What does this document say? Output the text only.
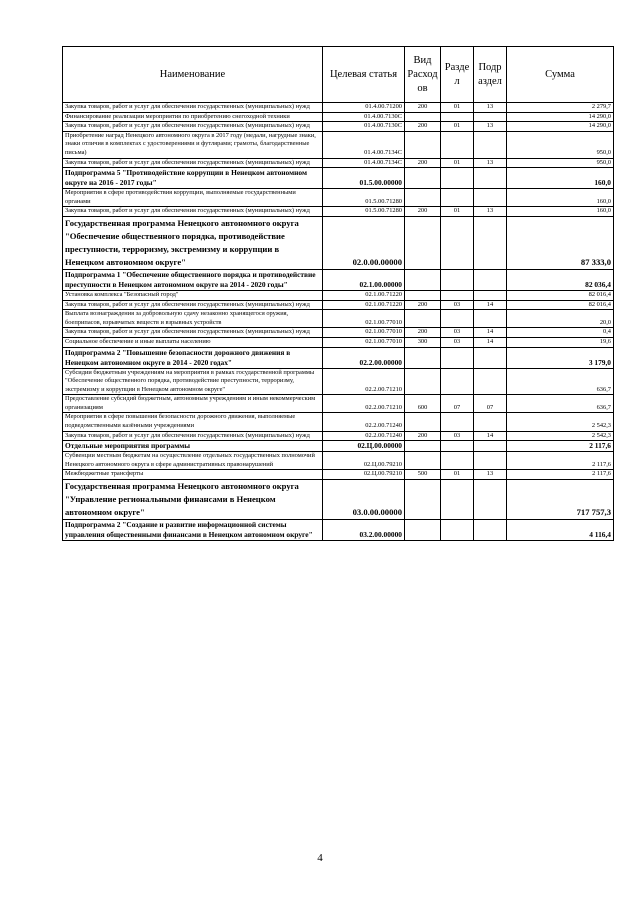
Наименование	Целевая статья	Вид Расход ов	Разде л	Подр аздел	Сумма
Закупка товаров, работ и услуг для обеспечения государственных (муниципальных) нужд	01.4.00.71200	200	01	13	2 279,7
Финансирование реализации мероприятия по приобретению снегоходной техники	01.4.00.7130С				14 290,0
Закупка товаров, работ и услуг для обеспечения государственных (муниципальных) нужд	01.4.00.7130С	200	01	13	14 290,0
Приобретение наград Ненецкого автономного округа в 2017 году (медали, нагрудные знаки, знаки отличия в комплектах с удостоверениями и футлярами; грамоты, благодарственные письма)	01.4.00.7134С				950,0
Закупка товаров, работ и услуг для обеспечения государственных (муниципальных) нужд	01.4.00.7134С	200	01	13	950,0
Подпрограмма 5 "Противодействие коррупции в Ненецком автономном округе на 2016 - 2017 годы"	01.5.00.00000				160,0
Мероприятия в сфере противодействия коррупции, выполняемые государственными органами	01.5.00.71280				160,0
Закупка товаров, работ и услуг для обеспечения государственных (муниципальных) нужд	01.5.00.71280	200	01	13	160,0
Государственная программа Ненецкого автономного округа "Обеспечение общественного порядка, противодействие преступности, терроризму, экстремизму и коррупции в Ненецком автономном округе"	02.0.00.00000				87 333,0
Подпрограмма 1 "Обеспечение общественного порядка и противодействие преступности в Ненецком автономном округе на 2014 - 2020 годы"	02.1.00.00000				82 036,4
Установка комплекса "Безопасный город"	02.1.00.71220				82 016,4
Закупка товаров, работ и услуг для обеспечения государственных (муниципальных) нужд	02.1.00.71220	200	03	14	82 016,4
Выплата вознаграждения за добровольную сдачу незаконно хранящегося оружия, боеприпасов, взрывчатых веществ и взрывных устройств	02.1.00.77010				20,0
Закупка товаров, работ и услуг для обеспечения государственных (муниципальных) нужд	02.1.00.77010	200	03	14	0,4
Социальное обеспечение и иные выплаты населению	02.1.00.77010	300	03	14	19,6
Подпрограмма 2 "Повышение безопасности дорожного движения в Ненецком автономном округе в 2014 - 2020 годах"	02.2.00.00000				3 179,0
Субсидии бюджетным учреждениям на мероприятия в рамках государственной программы "Обеспечение общественного порядка, противодействие преступности, терроризму, экстремизму и коррупции в Ненецком автономном округе"	02.2.00.71210				636,7
Предоставление субсидий бюджетным, автономным учреждениям и иным некоммерческим организациям	02.2.00.71210	600	07	07	636,7
Мероприятия в сфере повышения безопасности дорожного движения, выполняемые подведомственными казёнными учреждениями	02.2.00.71240				2 542,3
Закупка товаров, работ и услуг для обеспечения государственных (муниципальных) нужд	02.2.00.71240	200	03	14	2 542,3
Отдельные мероприятия программы	02.Ц.00.00000				2 117,6
Субвенции местным бюджетам на осуществление отдельных государственных полномочий Ненецкого автономного округа в сфере административных правонарушений	02.Ц.00.79210				2 117,6
Межбюджетные трансферты	02.Ц.00.79210	500	01	13	2 117,6
Государственная программа Ненецкого автономного округа "Управление региональными финансами в Ненецком автономном округе"	03.0.00.00000				717 757,3
Подпрограмма 2 "Создание и развитие информационной системы управления общественными финансами в Ненецком автономном округе"	03.2.00.00000				4 116,4
4
